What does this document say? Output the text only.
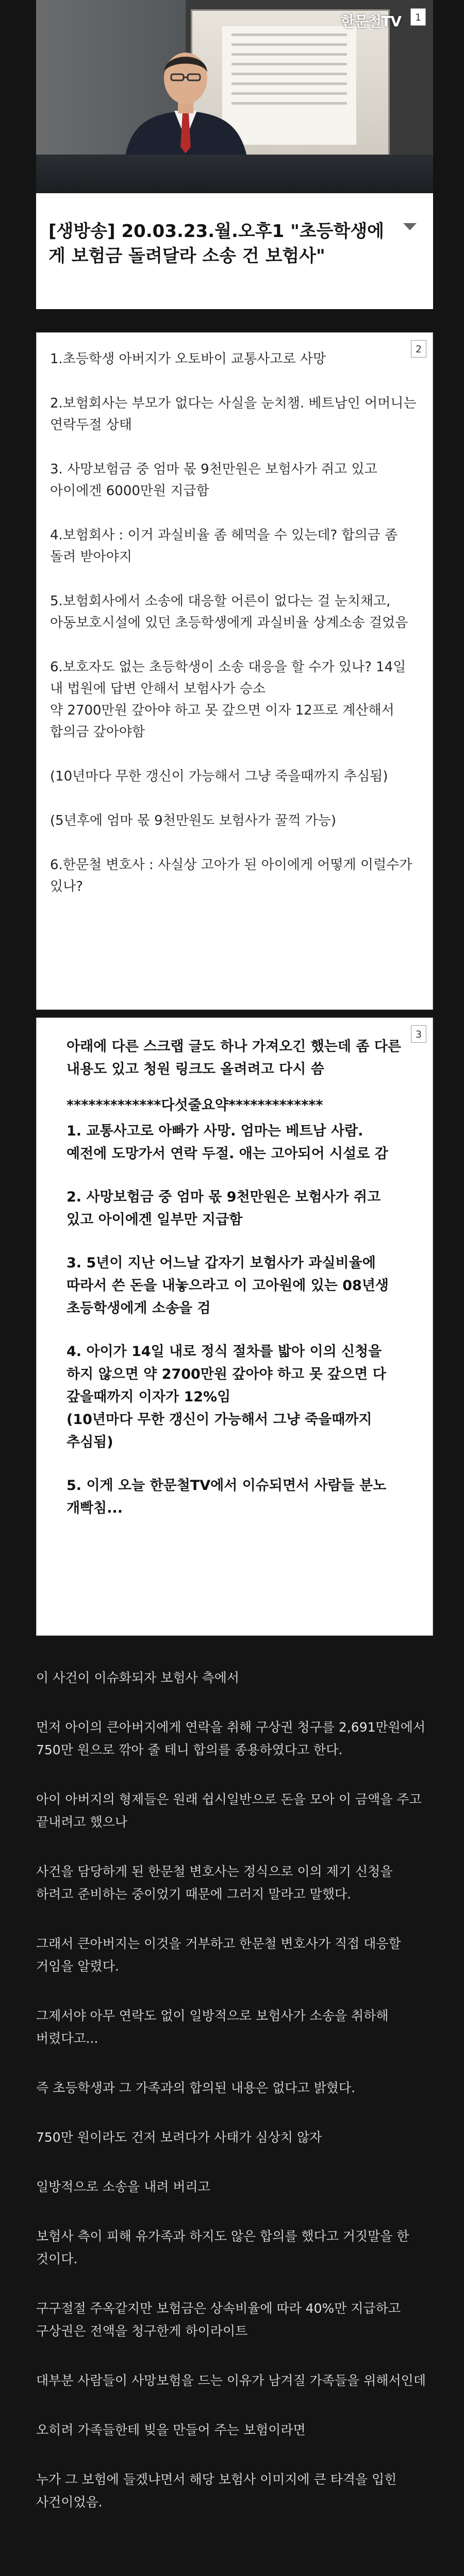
한문철TV	1
[생방송] 20.03.23.월.오후1 "초등학생에게 보험금 돌려달라 소송 건 보험사"
2
1.초등학생 아버지가 오토바이 교통사고로 사망
2.보험회사는 부모가 없다는 사실을 눈치챔. 베트남인 어머니는 연락두절 상태
3. 사망보험금 중 엄마 몫 9천만원은 보험사가 쥐고 있고 아이에겐 6000만원 지급함
4.보험회사 : 이거 과실비율 좀 헤먹을 수 있는데? 합의금 좀 돌려 받아야지
5.보험회사에서 소송에 대응할 어른이 없다는 걸 눈치채고, 아동보호시설에 있던 초등학생에게 과실비율 상계소송 걸었음
6.보호자도 없는 초등학생이 소송 대응을 할 수가 있나? 14일 내 법원에 답변 안해서 보험사가 승소
약 2700만원 갚아야 하고 못 갚으면 이자 12프로 계산해서 합의금 갚아야함
(10년마다 무한 갱신이 가능해서 그냥 죽을때까지 추심됨)
(5년후에 엄마 몫 9천만원도 보험사가 꿀꺽 가능)
6.한문철 변호사 : 사실상 고아가 된 아이에게 어떻게 이럴수가 있나?
3
아래에 다른 스크랩 글도 하나 가져오긴 했는데 좀 다른 내용도 있고 청원 링크도 올려려고 다시 씀
*************다섯줄요약*************
1. 교통사고로 아빠가 사망. 엄마는 베트남 사람. 예전에 도망가서 연락 두절. 애는 고아되어 시설로 감
2. 사망보험금 중 엄마 몫 9천만원은 보험사가 쥐고 있고 아이에겐 일부만 지급함
3. 5년이 지난 어느날 갑자기 보험사가 과실비율에 따라서 쓴 돈을 내놓으라고 이 고아원에 있는 08년생 초등학생에게 소송을 검
4. 아이가 14일 내로 정식 절차를 밟아 이의 신청을 하지 않으면 약 2700만원 갚아야 하고 못 갚으면 다 갚을때까지 이자가 12%임
(10년마다 무한 갱신이 가능해서 그냥 죽을때까지 추심됨)
5. 이게 오늘 한문철TV에서 이슈되면서 사람들 분노 개빡침...

이 사건이 이슈화되자 보험사 측에서

먼저 아이의 큰아버지에게 연락을 취해 구상권 청구를 2,691만원에서 750만 원으로 깎아 줄 테니 합의를 종용하였다고 한다.

아이 아버지의 형제들은 원래 쉽시일반으로 돈을 모아 이 금액을 주고 끝내려고 했으나

사건을 담당하게 된 한문철 변호사는 정식으로 이의 제기 신청을 하려고 준비하는 중이었기 때문에 그러지 말라고 말했다.

그래서 큰아버지는 이것을 거부하고 한문철 변호사가 직접 대응할 거임을 알렸다.

그제서야 아무 연락도 없이 일방적으로 보험사가 소송을 취하해 버렸다고...

즉 초등학생과 그 가족과의 합의된 내용은 없다고 밝혔다.

750만 원이라도 건저 보려다가 사태가 심상치 않자

일방적으로 소송을 내려 버리고

보험사 측이 피해 유가족과 하지도 않은 합의를 했다고 거짓말을 한 것이다.

구구절절 주옥같지만 보험금은 상속비율에 따라 40%만 지급하고 구상권은 전액을 청구한게 하이라이트

대부분 사람들이 사망보험을 드는 이유가 남겨질 가족들을 위해서인데

오히려 가족들한테 빚을 만들어 주는 보험이라면

누가 그 보험에 들겠냐면서 해당 보험사 이미지에 큰 타격을 입힌 사건이었음.
